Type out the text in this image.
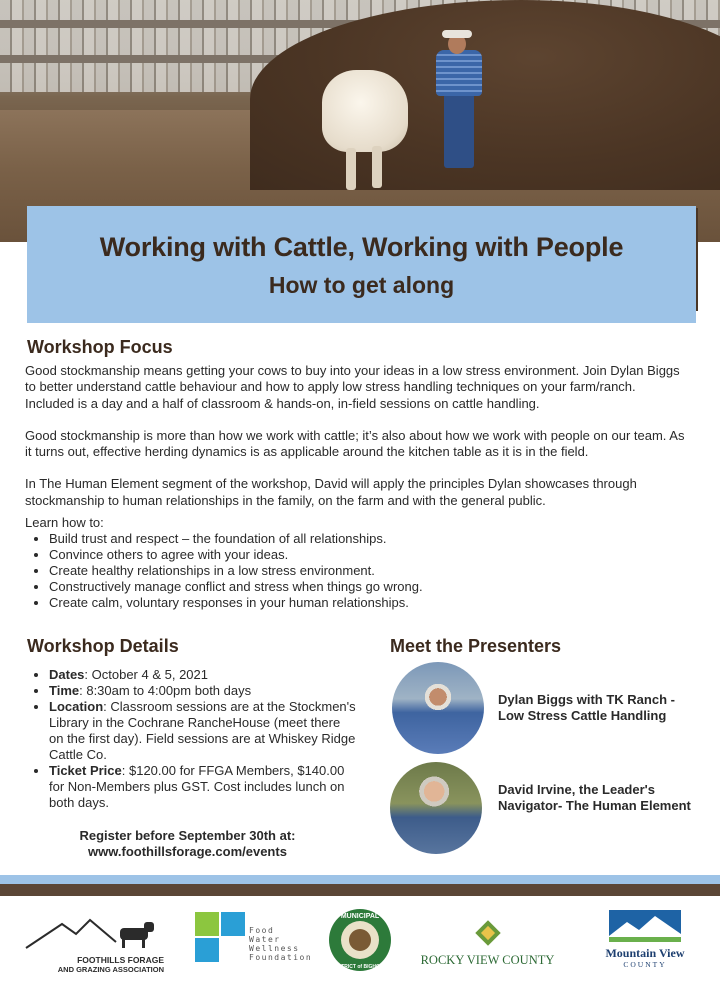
Working with Cattle, Working with People
How to get along
Workshop Focus

Good stockmanship means getting your cows to buy into your ideas in a low stress environment. Join Dylan Biggs to better understand cattle behaviour and how to apply low stress handling techniques on your farm/ranch. Included is a day and a half of classroom & hands-on, in-field sessions on cattle handling.

Good stockmanship is more than how we work with cattle; it’s also about how we work with people on our team. As it turns out, effective herding dynamics is as applicable around the kitchen table as it is in the field.

In The Human Element segment of the workshop, David will apply the principles Dylan showcases through stockmanship to human relationships in the family, on the farm and with the general public.

Learn how to:
• Build trust and respect – the foundation of all relationships.
• Convince others to agree with your ideas.
• Create healthy relationships in a low stress environment.
• Constructively manage conflict and stress when things go wrong.
• Create calm, voluntary responses in your human relationships.
Workshop Details
• Dates: October 4 & 5, 2021
• Time: 8:30am to 4:00pm both days
• Location: Classroom sessions are at the Stockmen's Library in the Cochrane RancheHouse (meet there on the first day). Field sessions are at Whiskey Ridge Cattle Co.
• Ticket Price: $120.00 for FFGA Members, $140.00 for Non-Members plus GST. Cost includes lunch on both days.
Register before September 30th at:
www.foothillsforage.com/events
Meet the Presenters
Dylan Biggs with TK Ranch - Low Stress Cattle Handling
David Irvine, the Leader's Navigator- The Human Element
FOOTHILLS FORAGE
AND GRAZING ASSOCIATION
Food
Water
Wellness
Foundation
MUNICIPAL
DISTRICT of BIGHORN	ROCKY VIEW COUNTY	Mountain View
COUNTY
